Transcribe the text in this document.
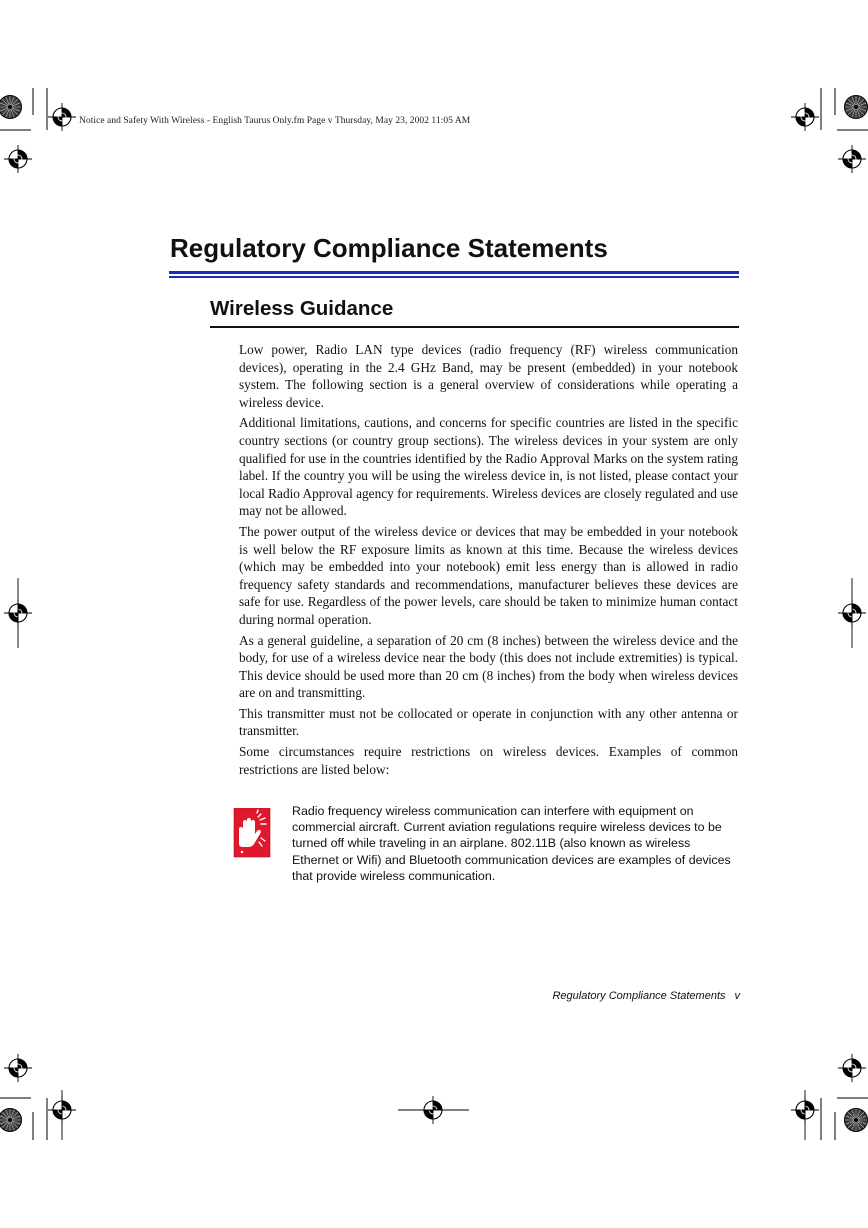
Notice and Safety With Wireless - English Taurus Only.fm Page v Thursday, May 23, 2002 11:05 AM
Regulatory Compliance Statements
Wireless Guidance

Low power, Radio LAN type devices (radio frequency (RF) wireless communication devices), operating in the 2.4 GHz Band, may be present (embedded) in your notebook system. The following section is a general overview of considerations while operating a wireless device.

Additional limitations, cautions, and concerns for specific countries are listed in the specific country sections (or country group sections). The wireless devices in your system are only qualified for use in the countries identified by the Radio Approval Marks on the system rating label. If the country you will be using the wireless device in, is not listed, please contact your local Radio Approval agency for requirements. Wireless devices are closely regulated and use may not be allowed.

The power output of the wireless device or devices that may be embedded in your notebook is well below the RF exposure limits as known at this time. Because the wireless devices (which may be embedded into your notebook) emit less energy than is allowed in radio frequency safety standards and recommendations, manufacturer believes these devices are safe for use. Regardless of the power levels, care should be taken to minimize human contact during normal operation.

As a general guideline, a separation of 20 cm (8 inches) between the wireless device and the body, for use of a wireless device near the body (this does not include extremities) is typical. This device should be used more than 20 cm (8 inches) from the body when wireless devices are on and transmitting.

This transmitter must not be collocated or operate in conjunction with any other antenna or transmitter.

Some circumstances require restrictions on wireless devices. Examples of common restrictions are listed below:

Radio frequency wireless communication can interfere with equipment on commercial aircraft. Current aviation regulations require wireless devices to be turned off while traveling in an airplane. 802.11B (also known as wireless Ethernet or Wifi) and Bluetooth communication devices are examples of devices that provide wireless communication.

Regulatory Compliance Statements v
